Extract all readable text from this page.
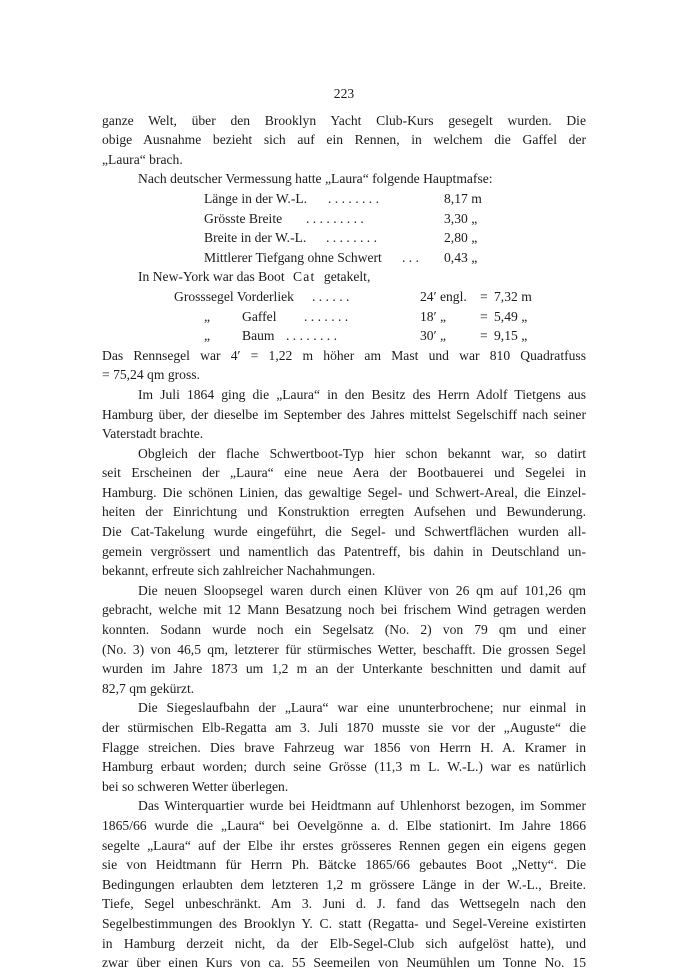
223
ganze Welt, über den Brooklyn Yacht Club-Kurs gesegelt wurden. Die
obige Ausnahme bezieht sich auf ein Rennen, in welchem die Gaffel der
„Laura“ brach.
Nach deutscher Vermessung hatte „Laura“ folgende Hauptmafse:
Länge in der W.-L. . . . . . . . .	8,17 m
Grösste Breite . . . . . . . . .	3,30 „
Breite in der W.-L. . . . . . . . .	2,80 „
Mittlerer Tiefgang ohne Schwert . . . 0,43 „
In New-York war das Boot Cat getakelt,
Grosssegel Vorderliek . . . . . .	24′ engl. = 7,32 m
„ Gaffel . . . . . . .	18′ „	= 5,49 „
„ Baum . . . . . . . .	30′ „	= 9,15 „
Das Rennsegel war 4′ = 1,22 m höher am Mast und war 810 Quadratfuss
= 75,24 qm gross.
Im Juli 1864 ging die „Laura“ in den Besitz des Herrn Adolf Tietgens aus
Hamburg über, der dieselbe im September des Jahres mittelst Segelschiff nach seiner
Vaterstadt brachte.
Obgleich der flache Schwertboot-Typ hier schon bekannt war, so datirt
seit Erscheinen der „Laura“ eine neue Aera der Bootbauerei und Segelei in
Hamburg. Die schönen Linien, das gewaltige Segel- und Schwert-Areal, die Einzel-
heiten der Einrichtung und Konstruktion erregten Aufsehen und Bewunderung.
Die Cat-Takelung wurde eingeführt, die Segel- und Schwertflächen wurden all-
gemein vergrössert und namentlich das Patentreff, bis dahin in Deutschland un-
bekannt, erfreute sich zahlreicher Nachahmungen.
Die neuen Sloopsegel waren durch einen Klüver von 26 qm auf 101,26 qm
gebracht, welche mit 12 Mann Besatzung noch bei frischem Wind getragen werden
konnten. Sodann wurde noch ein Segelsatz (No. 2) von 79 qm und einer
(No. 3) von 46,5 qm, letzterer für stürmisches Wetter, beschafft. Die grossen Segel
wurden im Jahre 1873 um 1,2 m an der Unterkante beschnitten und damit auf
82,7 qm gekürzt.
Die Siegeslaufbahn der „Laura“ war eine ununterbrochene; nur einmal in
der stürmischen Elb-Regatta am 3. Juli 1870 musste sie vor der „Auguste“ die
Flagge streichen. Dies brave Fahrzeug war 1856 von Herrn H. A. Kramer in
Hamburg erbaut worden; durch seine Grösse (11,3 m L. W.-L.) war es natürlich
bei so schweren Wetter überlegen.
Das Winterquartier wurde bei Heidtmann auf Uhlenhorst bezogen, im Sommer
1865/66 wurde die „Laura“ bei Oevelgönne a. d. Elbe stationirt. Im Jahre 1866
segelte „Laura“ auf der Elbe ihr erstes grösseres Rennen gegen ein eigens gegen
sie von Heidtmann für Herrn Ph. Bätcke 1865/66 gebautes Boot „Netty“. Die
Bedingungen erlaubten dem letzteren 1,2 m grössere Länge in der W.-L., Breite.
Tiefe, Segel unbeschränkt. Am 3. Juni d. J. fand das Wettsegeln nach den
Segelbestimmungen des Brooklyn Y. C. statt (Regatta- und Segel-Vereine existirten
in Hamburg derzeit nicht, da der Elb-Segel-Club sich aufgelöst hatte), und
zwar über einen Kurs von ca. 55 Seemeilen von Neumühlen um Tonne No. 15
